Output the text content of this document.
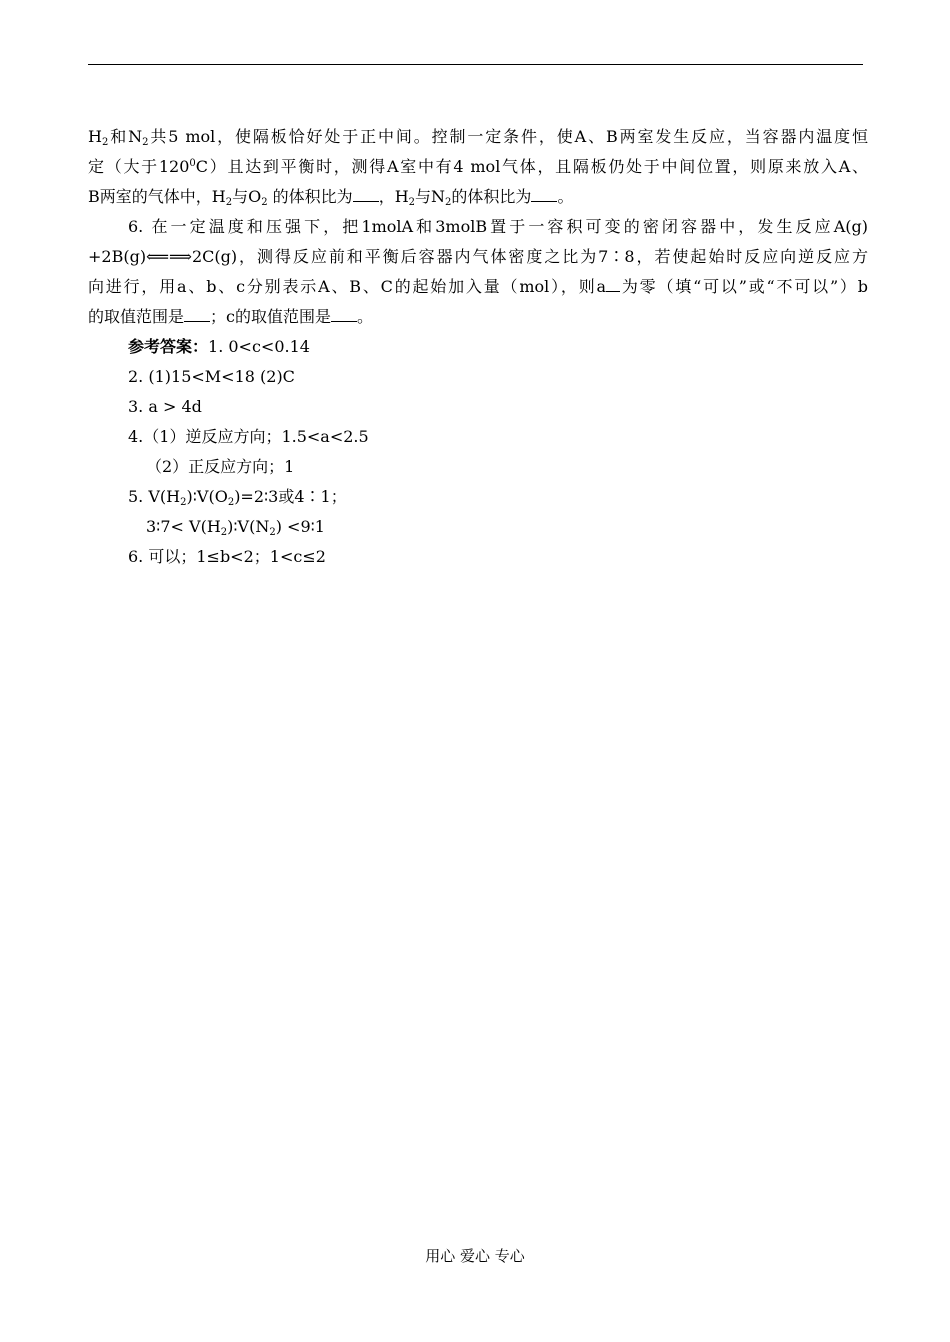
$H_2$和$N_2$共5 mol，使隔板恰好处于正中间。控制一定条件，使A、B两室发生反应，当容器内温度恒
定（大于$120^0C$）且达到平衡时，测得A室中有4 mol气体，且隔板仍处于中间位置，则原来放入A、
B两室的气体中，$H_2$与$O_2$ 的体积比为 ，$H_2$与$N_2$的体积比为 。
6. 在一定温度和压强下，把1molA和3molB置于一容积可变的密闭容器中，发生反应A(g)
+2B(g)⟸⟹2C(g)，测得反应前和平衡后容器内气体密度之比为7∶8，若使起始时反应向逆反应方
向进行，用a、b、c分别表示A、B、C的起始加入量（mol），则a 为零（填“可以”或“不可以”）b
的取值范围是 ；c的取值范围是 。
参考答案：1. 0<c<0.14
2. (1)15<M<18 (2)C
3. a > 4d
4.（1）逆反应方向；1.5<a<2.5
（2）正反应方向；1
5. $V(H_2)∶V(O_2)=2∶3$或4∶1；
3∶7< $V(H_2)∶V(N_2)$ <9∶1
6. 可以；1≤b<2；1<c≤2
用心 爱心 专心
